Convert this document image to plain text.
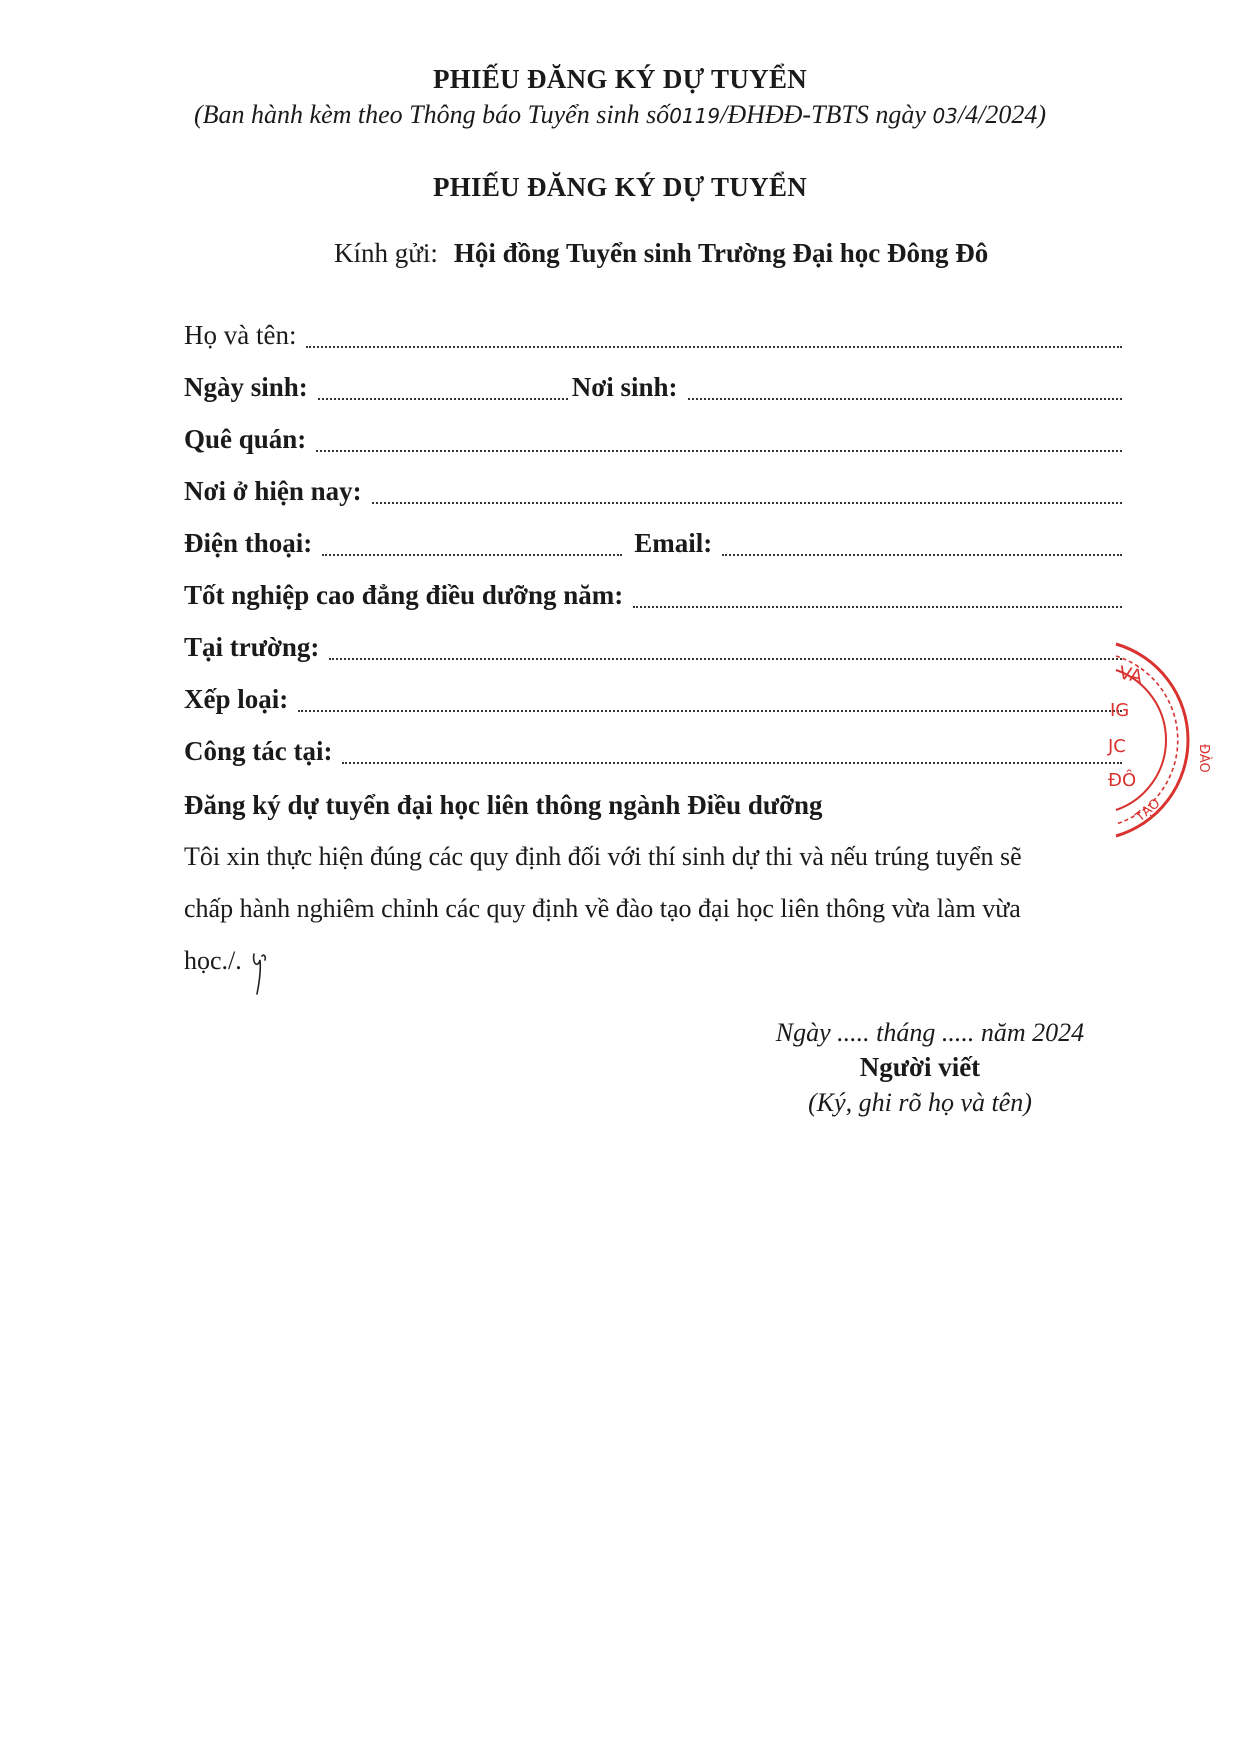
PHIẾU ĐĂNG KÝ DỰ TUYỂN
(Ban hành kèm theo Thông báo Tuyển sinh số0119/ĐHĐĐ-TBTS ngày 03/4/2024)
PHIẾU ĐĂNG KÝ DỰ TUYỂN
Kính gửi: Hội đồng Tuyển sinh Trường Đại học Đông Đô
Họ và tên:
Ngày sinh:	Nơi sinh:
Quê quán:
Nơi ở hiện nay:
Điện thoại:	Email:
Tốt nghiệp cao đẳng điều dưỡng năm:
Tại trường:
Xếp loại:
Công tác tại:
Đăng ký dự tuyển đại học liên thông ngành Điều dưỡng
Tôi xin thực hiện đúng các quy định đối với thí sinh dự thi và nếu trúng tuyển sẽ
chấp hành nghiêm chỉnh các quy định về đào tạo đại học liên thông vừa làm vừa
học./.
Ngày ..... tháng ..... năm 2024
Người viết
(Ký, ghi rõ họ và tên)
VÀ
IG
JC
ĐÔ
ĐÀO
TẠO
